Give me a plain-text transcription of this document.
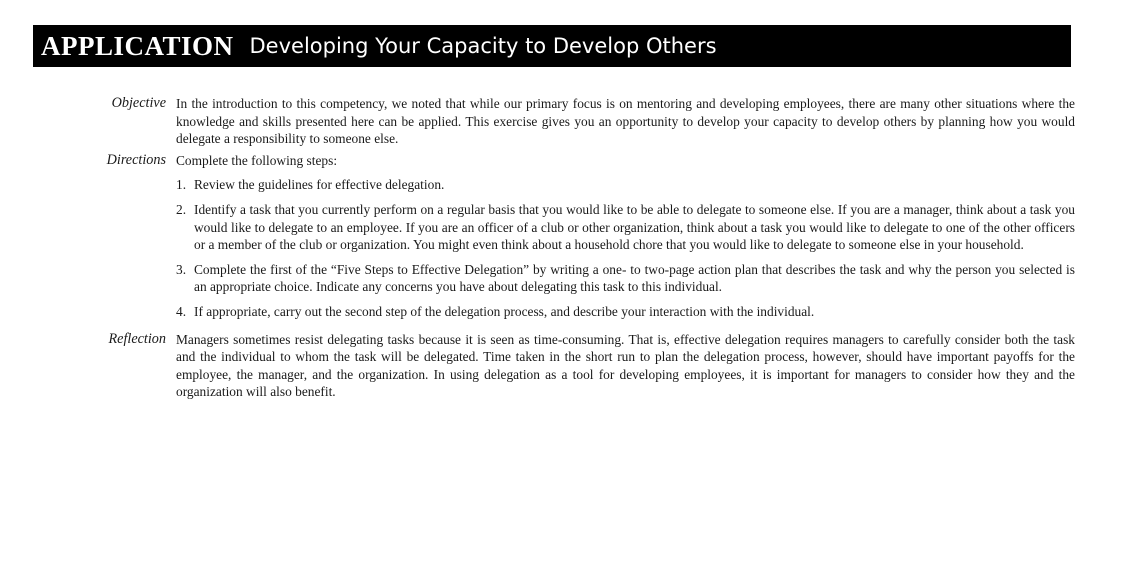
APPLICATION Developing Your Capacity to Develop Others
Objective In the introduction to this competency, we noted that while our primary focus is on mentoring and developing employees, there are many other situations where the knowledge and skills presented here can be applied. This exercise gives you an opportunity to develop your capacity to develop others by planning how you would delegate a responsibility to someone else.

Directions Complete the following steps:

1. Review the guidelines for effective delegation.
2. Identify a task that you currently perform on a regular basis that you would like to be able to delegate to someone else. If you are a manager, think about a task you would like to delegate to an employee. If you are an officer of a club or other organization, think about a task you would like to delegate to one of the other officers or a member of the club or organization. You might even think about a household chore that you would like to delegate to someone else in your household.
3. Complete the first of the “Five Steps to Effective Delegation” by writing a one- to two-page action plan that describes the task and why the person you selected is an appropriate choice. Indicate any concerns you have about delegating this task to this individual.
4. If appropriate, carry out the second step of the delegation process, and describe your interaction with the individual.
Reflection Managers sometimes resist delegating tasks because it is seen as time-consuming. That is, effective delegation requires managers to carefully consider both the task and the individual to whom the task will be delegated. Time taken in the short run to plan the delegation process, however, should have important payoffs for the employee, the manager, and the organization. In using delegation as a tool for developing employees, it is important for managers to consider how they and the organization will also benefit.
